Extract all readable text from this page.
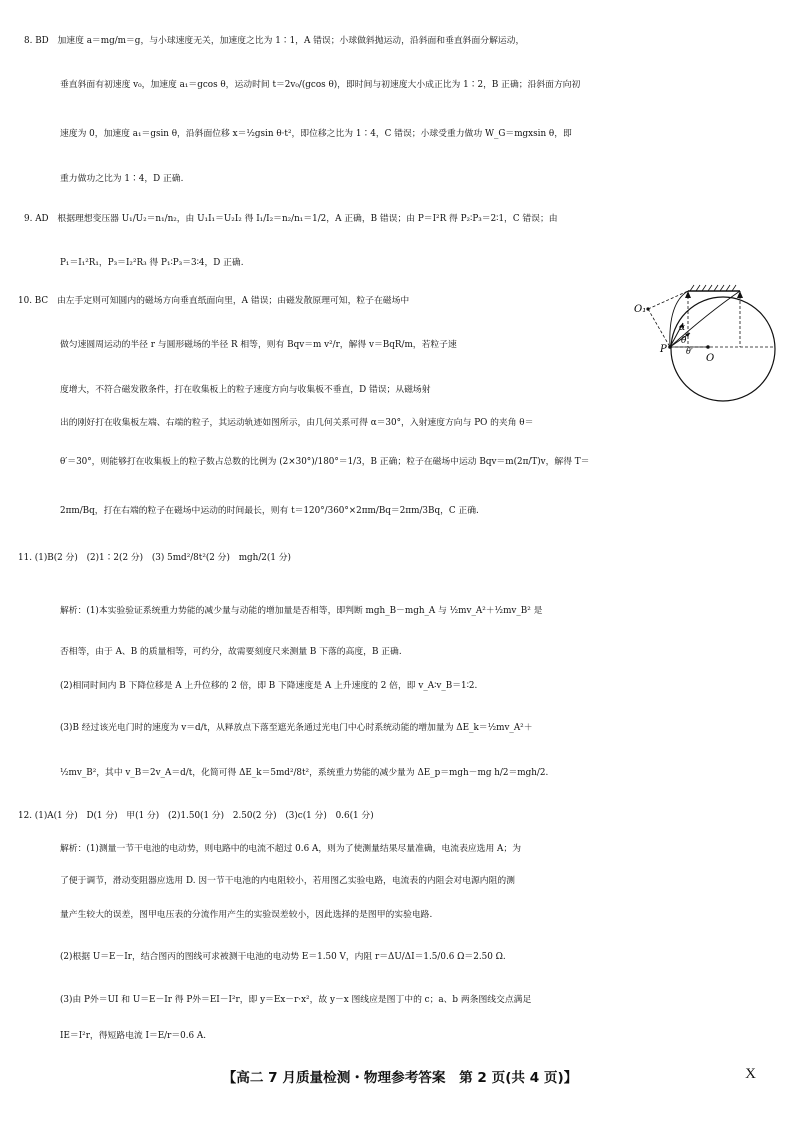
8. BD　加速度 a＝mg/m＝g，与小球速度无关，加速度之比为 1∶1，A 错误；小球做斜抛运动，沿斜面和垂直斜面分解运动，
垂直斜面有初速度 v₀，加速度 a₁＝gcos θ，运动时间 t＝2v₀/(gcos θ)，即时间与初速度大小成正比为 1∶2，B 正确；沿斜面方向初
速度为 0，加速度 a₁＝gsin θ，沿斜面位移 x＝½gsin θ·t²，即位移之比为 1∶4，C 错误；小球受重力做功 W_G＝mgxsin θ，即
重力做功之比为 1∶4，D 正确.
9. AD　根据理想变压器 U₁/U₂＝n₁/n₂，由 U₁I₁＝U₂I₂ 得 I₁/I₂＝n₂/n₁＝1/2，A 正确，B 错误；由 P＝I²R 得 P₂∶P₃＝2∶1，C 错误；由
P₁＝I₁²R₁，P₃＝I₂²R₃ 得 P₁∶P₃＝3∶4，D 正确.
10. BC　由左手定则可知圆内的磁场方向垂直纸面向里，A 错误；由磁发散原理可知，粒子在磁场中
做匀速圆周运动的半径 r 与圆形磁场的半径 R 相等，则有 Bqv＝m v²/r，解得 v＝BqR/m，若粒子速
度增大，不符合磁发散条件，打在收集板上的粒子速度方向与收集板不垂直，D 错误；从磁场射
出的刚好打在收集板左端、右端的粒子，其运动轨迹如图所示，由几何关系可得 α＝30°，入射速度方向与 PO 的夹角 θ＝
θ′＝30°，则能够打在收集板上的粒子数占总数的比例为 (2×30°)/180°＝1/3，B 正确；粒子在磁场中运动 Bqv＝m(2π/T)v，解得 T＝
2πm/Bq，打在右端的粒子在磁场中运动的时间最长，则有 t＝120°/360°×2πm/Bq＝2πm/3Bq，C 正确.
11. (1)B(2 分)　(2)1∶2(2 分)　(3) 5md²/8t²(2 分)　mgh/2(1 分)
解析：(1)本实验验证系统重力势能的减少量与动能的增加量是否相等，即判断 mgh_B－mgh_A 与 ½mv_A²＋½mv_B² 是
否相等，由于 A、B 的质量相等，可约分，故需要刻度尺来测量 B 下落的高度，B 正确.
(2)相同时间内 B 下降位移是 A 上升位移的 2 倍，即 B 下降速度是 A 上升速度的 2 倍，即 v_A∶v_B＝1∶2.
(3)B 经过该光电门时的速度为 v＝d/t，从释放点下落至遮光条通过光电门中心时系统动能的增加量为 ΔE_k＝½mv_A²＋
½mv_B²，其中 v_B＝2v_A＝d/t，化简可得 ΔE_k＝5md²/8t²，系统重力势能的减少量为 ΔE_p＝mgh－mg h/2＝mgh/2.
12. (1)A(1 分)　D(1 分)　甲(1 分)　(2)1.50(1 分)　2.50(2 分)　(3)c(1 分)　0.6(1 分)
解析：(1)测量一节干电池的电动势，则电路中的电流不超过 0.6 A，则为了使测量结果尽量准确，电流表应选用 A；为
了便于调节，滑动变阻器应选用 D. 因一节干电池的内电阻较小，若用图乙实验电路，电流表的内阻会对电源内阻的测
量产生较大的误差，图甲电压表的分流作用产生的实验误差较小，因此选择的是图甲的实验电路.
(2)根据 U＝E－Ir，结合图丙的图线可求被测干电池的电动势 E＝1.50 V，内阻 r＝ΔU/ΔI＝1.5/0.6 Ω＝2.50 Ω.
(3)由 P外＝UI 和 U＝E－Ir 得 P外＝EI－I²r，即 y＝Ex－r·x²，故 y－x 图线应是图丁中的 c；a、b 两条图线交点满足
IE＝I²r，得短路电流 I＝E/r＝0.6 A.
O₁
P
O
α
θ
θ′
【高二 7 月质量检测・物理参考答案　第 2 页(共 4 页)】	X
